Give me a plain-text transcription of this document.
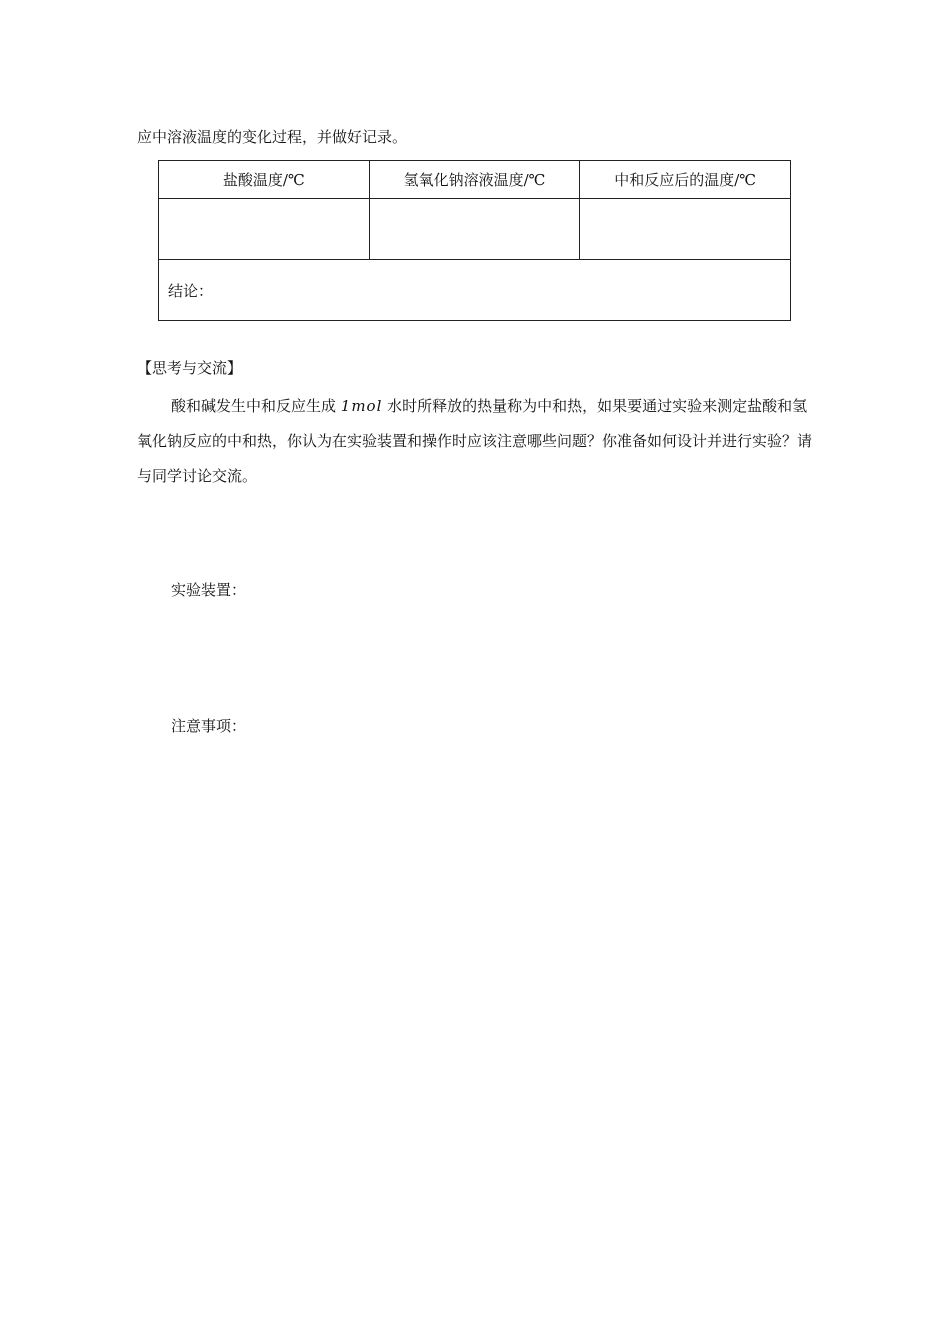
应中溶液温度的变化过程，并做好记录。
盐酸温度/℃	氢氧化钠溶液温度/℃	中和反应后的温度/℃

结论：		
【思考与交流】
酸和碱发生中和反应生成 1mol 水时所释放的热量称为中和热，如果要通过实验来测定盐酸和氢氧化钠反应的中和热，你认为在实验装置和操作时应该注意哪些问题？你准备如何设计并进行实验？请与同学讨论交流。
实验装置：
注意事项：
